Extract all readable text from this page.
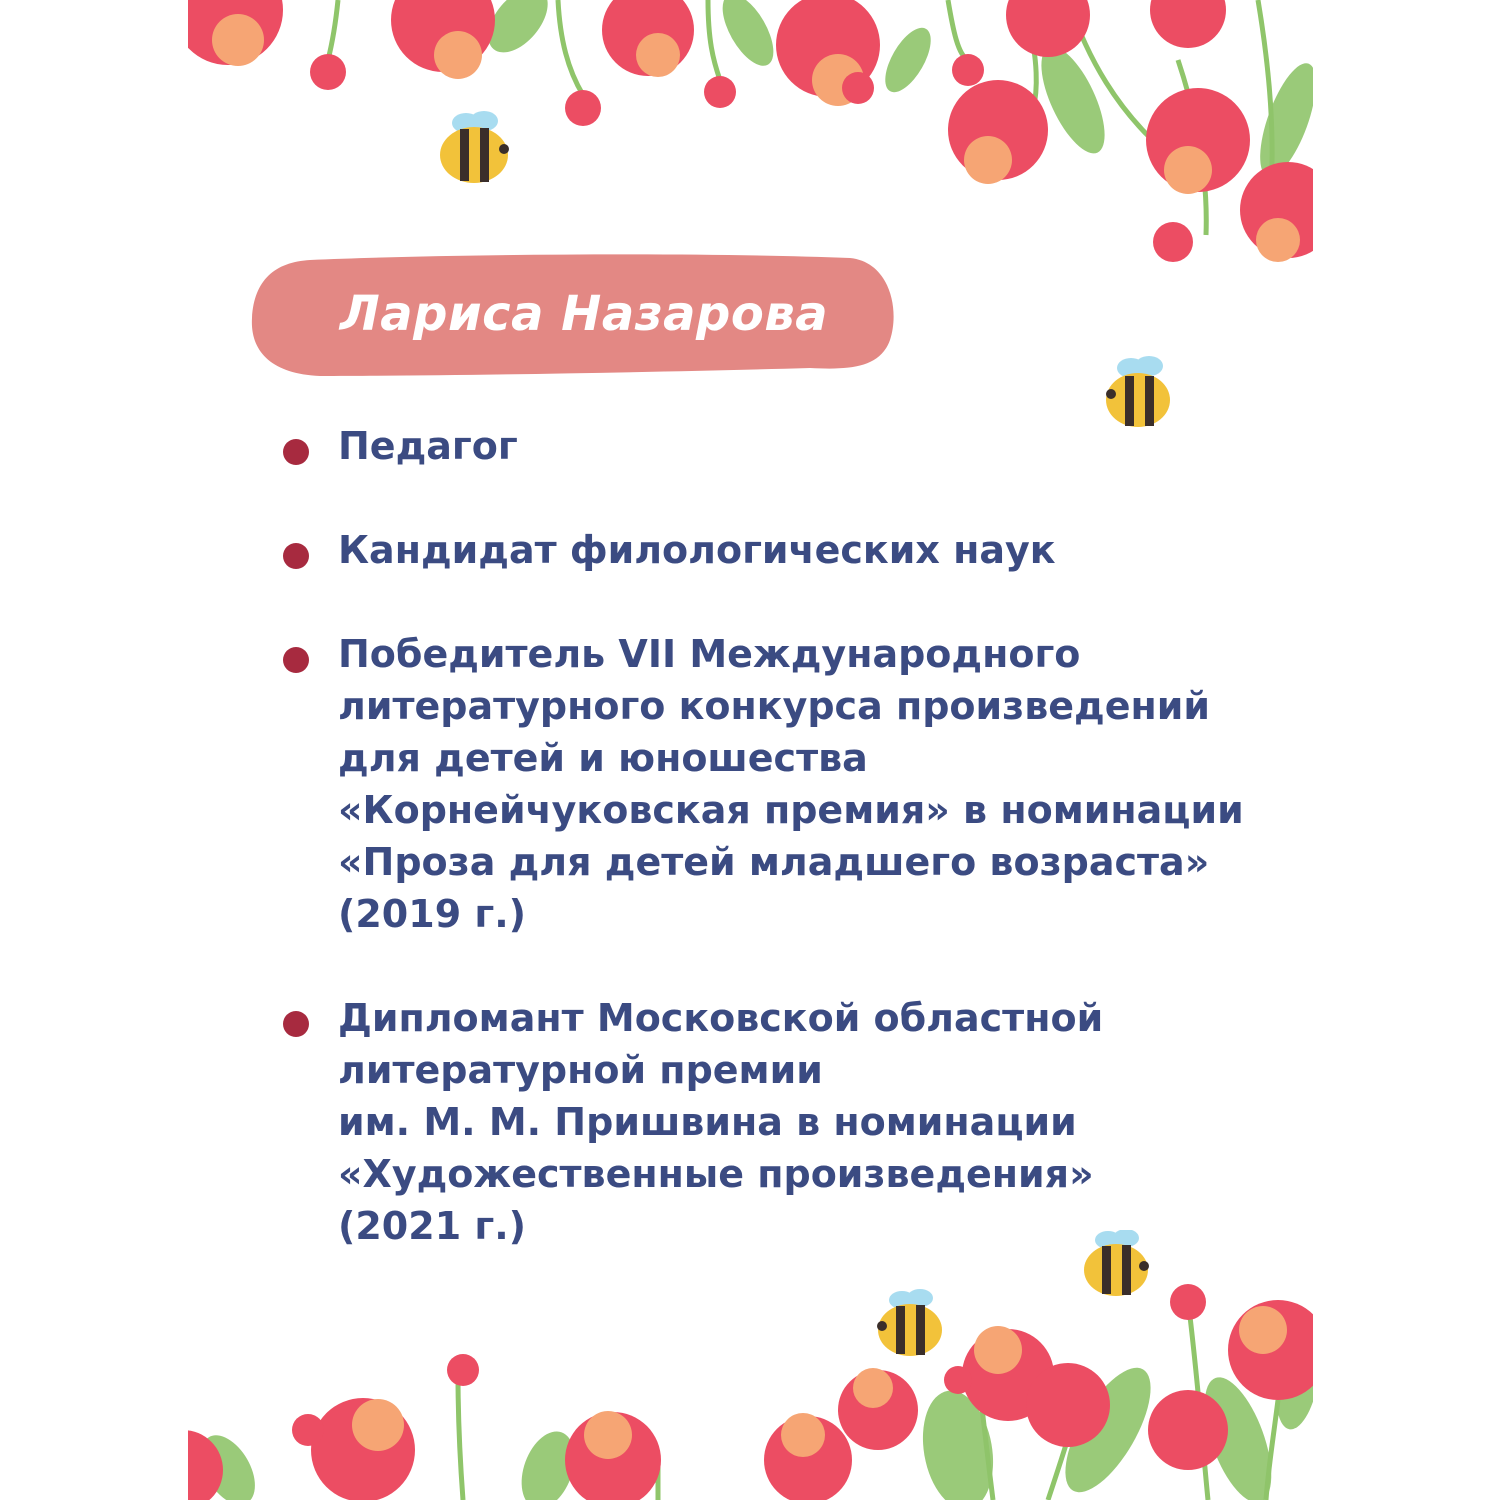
Лариса Назарова
Педагог
Кандидат филологических наук
Победитель VII Международного
литературного конкурса произведений
для детей и юношества
«Корнейчуковская премия» в номинации
«Проза для детей младшего возраста»
(2019 г.)
Дипломант Московской областной
литературной премии
им. М. М. Пришвина в номинации
«Художественные произведения»
(2021 г.)
